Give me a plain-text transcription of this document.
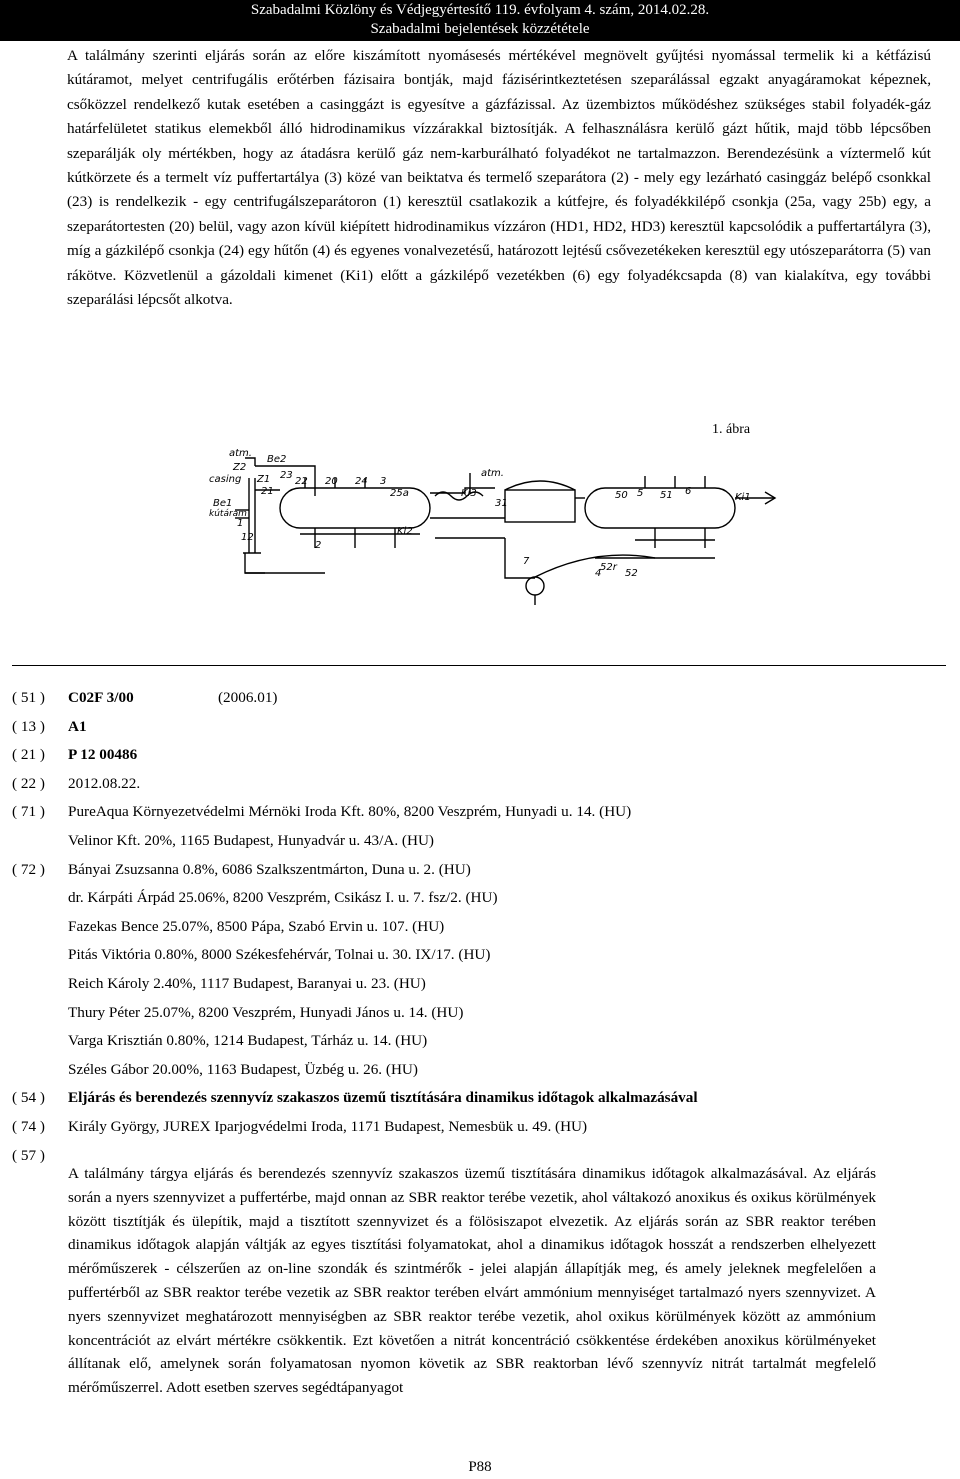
Szabadalmi Közlöny és Védjegyértesítő 119. évfolyam 4. szám, 2014.02.28.
Szabadalmi bejelentések közzététele

A találmány szerinti eljárás során az előre kiszámított nyomásesés mértékével megnövelt gyűjtési nyomással termelik ki a kétfázisú kútáramot, melyet centrifugális erőtérben fázisaira bontják, majd fázisérintkeztetésen szeparálással egzakt anyagáramokat képeznek, csőközzel rendelkező kutak esetében a casinggázt is egyesítve a gázfázissal. Az üzembiztos működéshez szükséges stabil folyadék-gáz határfelületet statikus elemekből álló hidrodinamikus vízzárakkal biztosítják. A felhasználásra kerülő gázt hűtik, majd több lépcsőben szeparálják oly mértékben, hogy az átadásra kerülő gáz nem-karburálható folyadékot ne tartalmazzon. Berendezésünk a víztermelő kút kútkörzete és a termelt víz puffertartálya (3) közé van beiktatva és termelő szeparátora (2) - mely egy lezárható casinggáz belépő csonkkal (23) is rendelkezik - egy centrifugálszeparátoron (1) keresztül csatlakozik a kútfejre, és folyadékkilépő csonkja (25a, vagy 25b) egy, a szeparátortesten (20) belül, vagy azon kívül kiépített hidrodinamikus vízzáron (HD1, HD2, HD3) keresztül kapcsolódik a puffertartályra (3), míg a gázkilépő csonkja (24) egy hűtőn (4) és egyenes vonalvezetésű, határozott lejtésű csővezetékeken keresztül egy utószeparátorra (5) van rákötve. Közvetlenül a gázoldali kimenet (Ki1) előtt a gázkilépő vezetékben (6) egy folyadékcsapda (8) van kialakítva, egy további szeparálási lépcsőt alkotva.

1. ábra
atm.
Z2
Be2
casing Z1
21
22 20
23
24
25a
3
Be1
kútáram
1
12
2
Ki2
atm.
Ki3
31
50 5 51 6
Ki1
4 52
52r
7
( 51 )	C02F 3/00	(2006.01)
( 13 )	A1
( 21 )	P 12 00486
( 22 )	2012.08.22.
( 71 )	PureAqua Környezetvédelmi Mérnöki Iroda Kft. 80%, 8200 Veszprém, Hunyadi u. 14. (HU)
Velinor Kft. 20%, 1165 Budapest, Hunyadvár u. 43/A. (HU)
( 72 )	Bányai Zsuzsanna 0.8%, 6086 Szalkszentmárton, Duna u. 2. (HU)
dr. Kárpáti Árpád 25.06%, 8200 Veszprém, Csikász I. u. 7. fsz/2. (HU)
Fazekas Bence 25.07%, 8500 Pápa, Szabó Ervin u. 107. (HU)
Pitás Viktória 0.80%, 8000 Székesfehérvár, Tolnai u. 30. IX/17. (HU)
Reich Károly 2.40%, 1117 Budapest, Baranyai u. 23. (HU)
Thury Péter 25.07%, 8200 Veszprém, Hunyadi János u. 14. (HU)
Varga Krisztián 0.80%, 1214 Budapest, Tárház u. 14. (HU)
Széles Gábor 20.00%, 1163 Budapest, Üzbég u. 26. (HU)
( 54 )	Eljárás és berendezés szennyvíz szakaszos üzemű tisztítására dinamikus időtagok alkalmazásával
( 74 )	Király György, JUREX Iparjogvédelmi Iroda, 1171 Budapest, Nemesbük u. 49. (HU)
( 57 )

A találmány tárgya eljárás és berendezés szennyvíz szakaszos üzemű tisztítására dinamikus időtagok alkalmazásával. Az eljárás során a nyers szennyvizet a puffertérbe, majd onnan az SBR reaktor terébe vezetik, ahol váltakozó anoxikus és oxikus körülmények között tisztítják és ülepítik, majd a tisztított szennyvizet és a fölösiszapot elvezetik. Az eljárás során az SBR reaktor terében dinamikus időtagok alapján váltják az egyes tisztítási folyamatokat, ahol a dinamikus időtagok hosszát a rendszerben elhelyezett mérőműszerek - célszerűen az on-line szondák és szintmérők - jelei alapján állapítják meg, és amely jeleknek megfelelően a puffertérből az SBR reaktor terébe vezetik az SBR reaktor terében elvárt ammónium mennyiséget tartalmazó nyers szennyvizet. A nyers szennyvizet meghatározott mennyiségben az SBR reaktor terébe vezetik, ahol oxikus körülmények között az ammónium koncentrációt az elvárt mértékre csökkentik. Ezt követően a nitrát koncentráció csökkentése érdekében anoxikus körülményeket állítanak elő, amelynek során folyamatosan nyomon követik az SBR reaktorban lévő szennyvíz nitrát tartalmát megfelelő mérőműszerrel. Adott esetben szerves segédtápanyagot

P88
